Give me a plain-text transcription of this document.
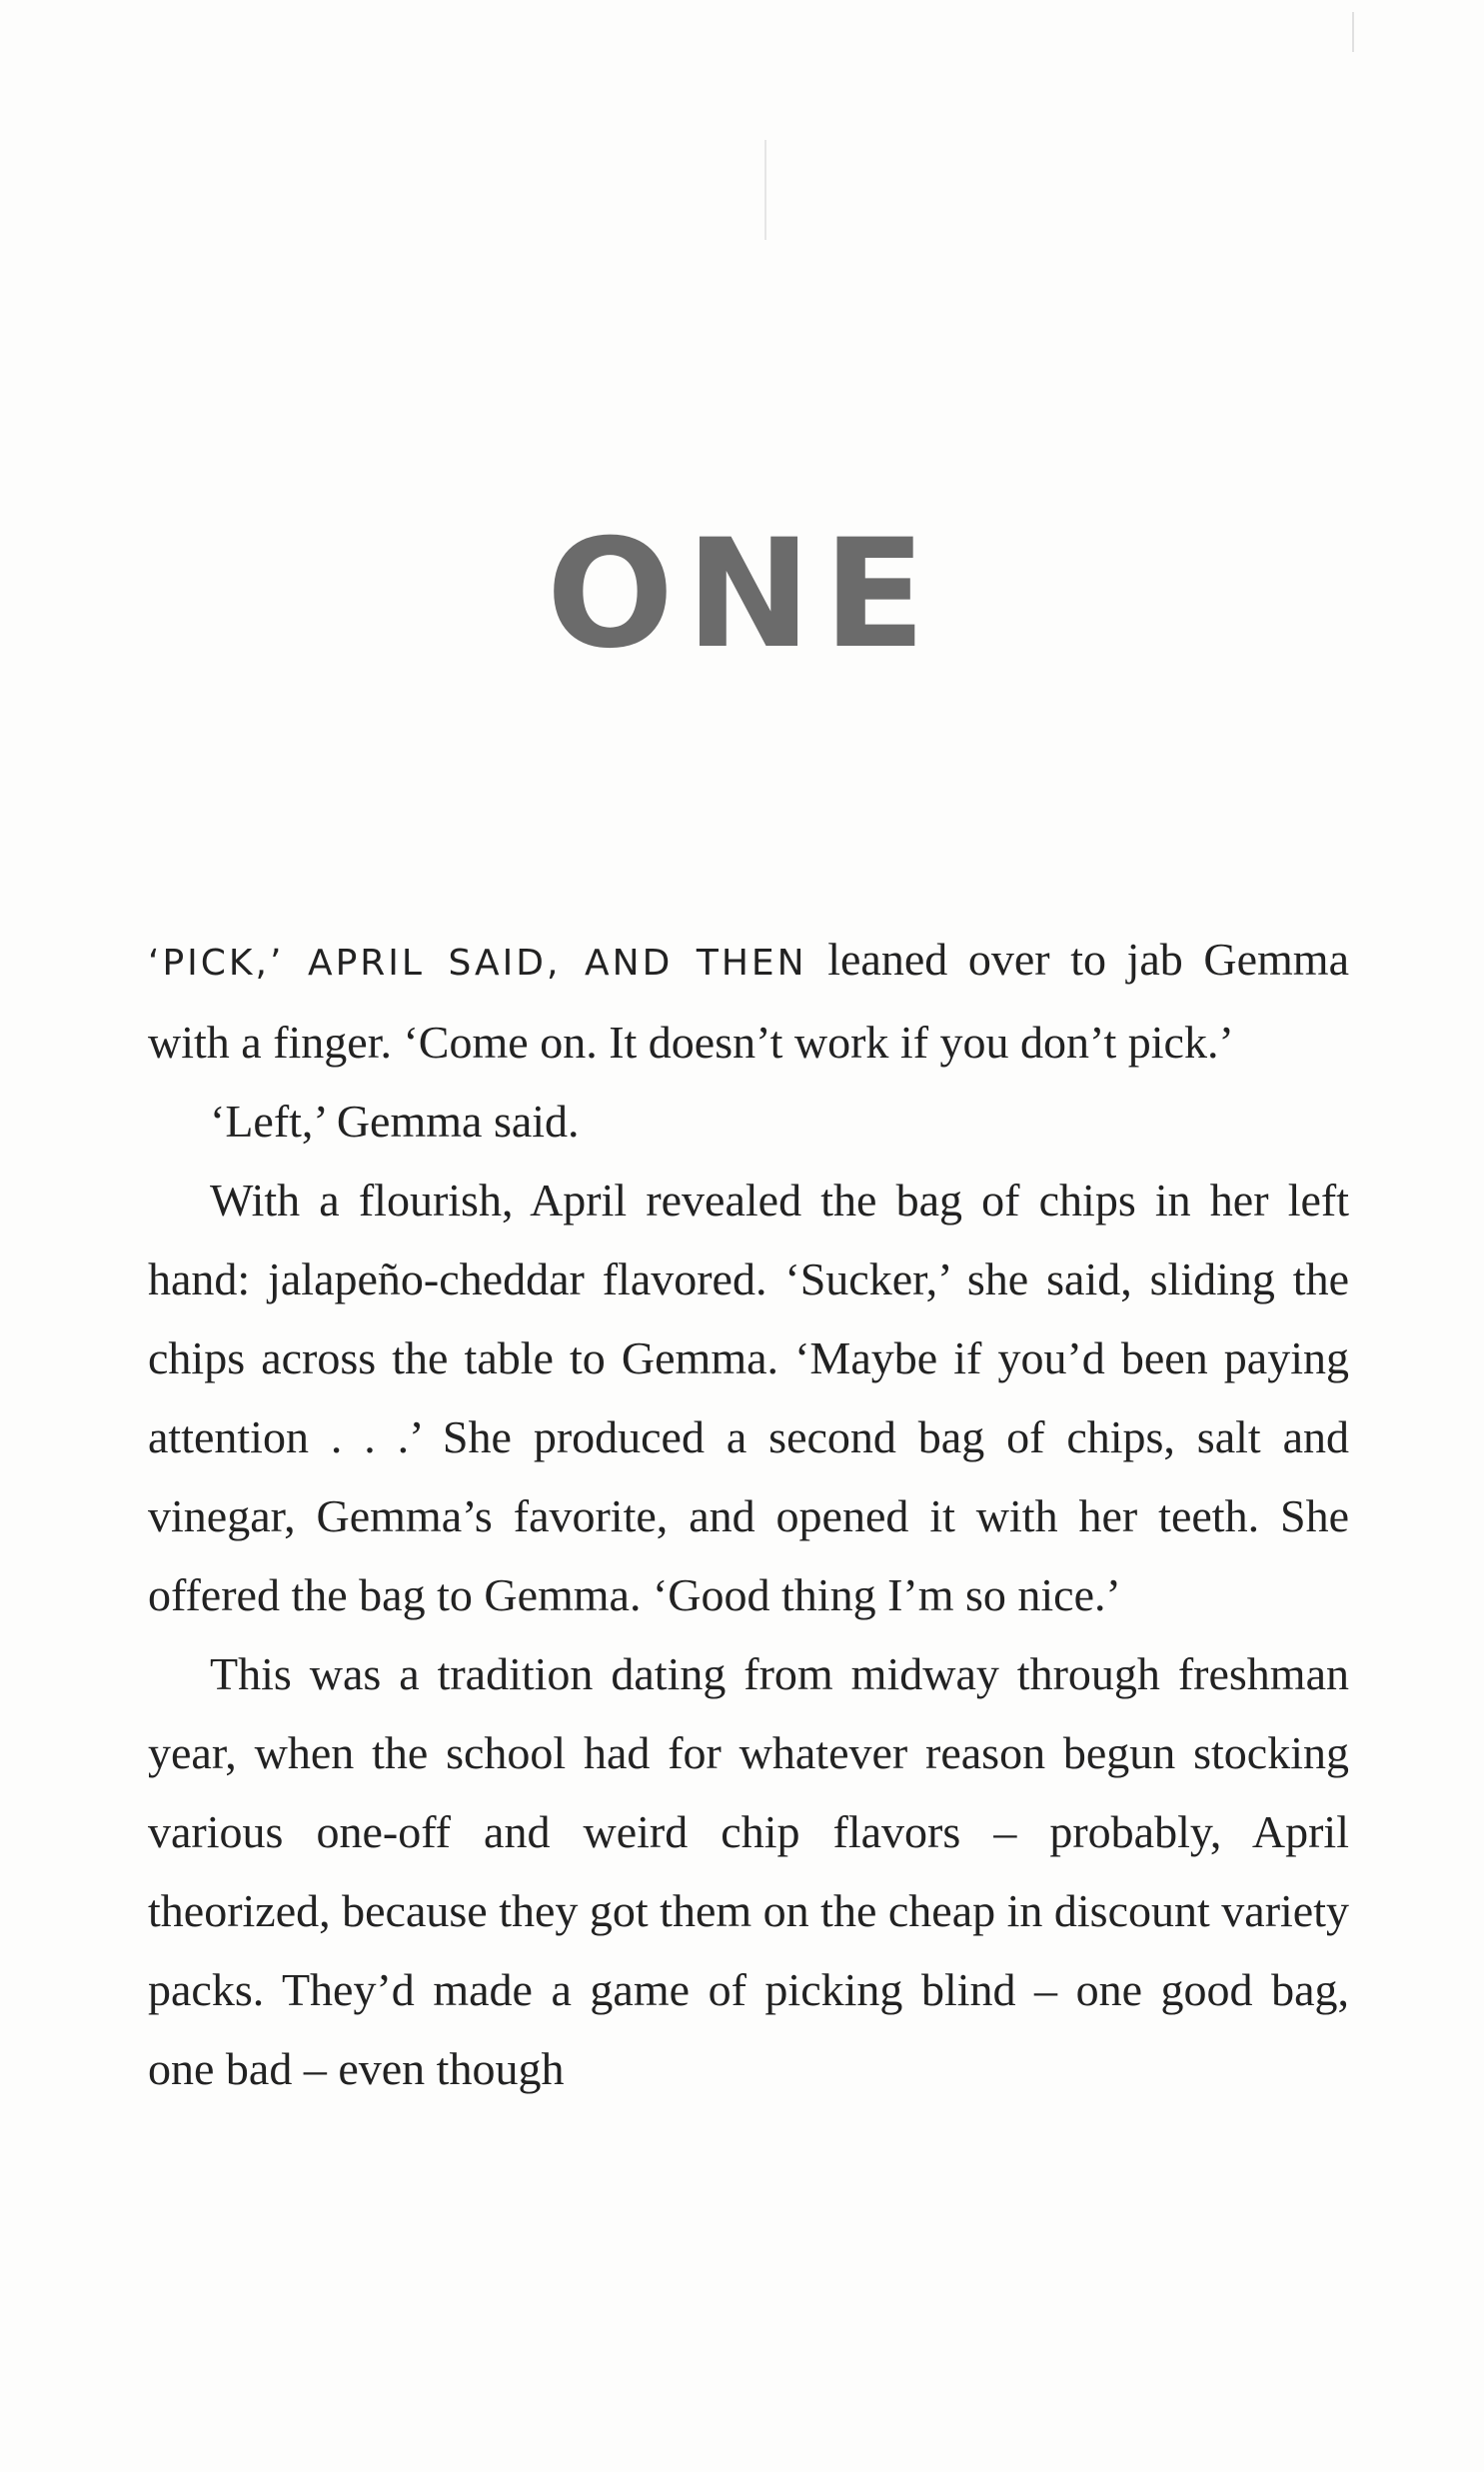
ONE

‘PICK,’ APRIL SAID, AND THEN leaned over to jab Gemma with a finger. ‘Come on. It doesn’t work if you don’t pick.’

‘Left,’ Gemma said.

With a flourish, April revealed the bag of chips in her left hand: jalapeño-cheddar flavored. ‘Sucker,’ she said, sliding the chips across the table to Gemma. ‘Maybe if you’d been paying attention . . .’ She produced a second bag of chips, salt and vinegar, Gemma’s favorite, and opened it with her teeth. She offered the bag to Gemma. ‘Good thing I’m so nice.’

This was a tradition dating from midway through freshman year, when the school had for whatever reason begun stocking various one-off and weird chip flavors – probably, April theorized, because they got them on the cheap in discount variety packs. They’d made a game of picking blind – one good bag, one bad – even though
